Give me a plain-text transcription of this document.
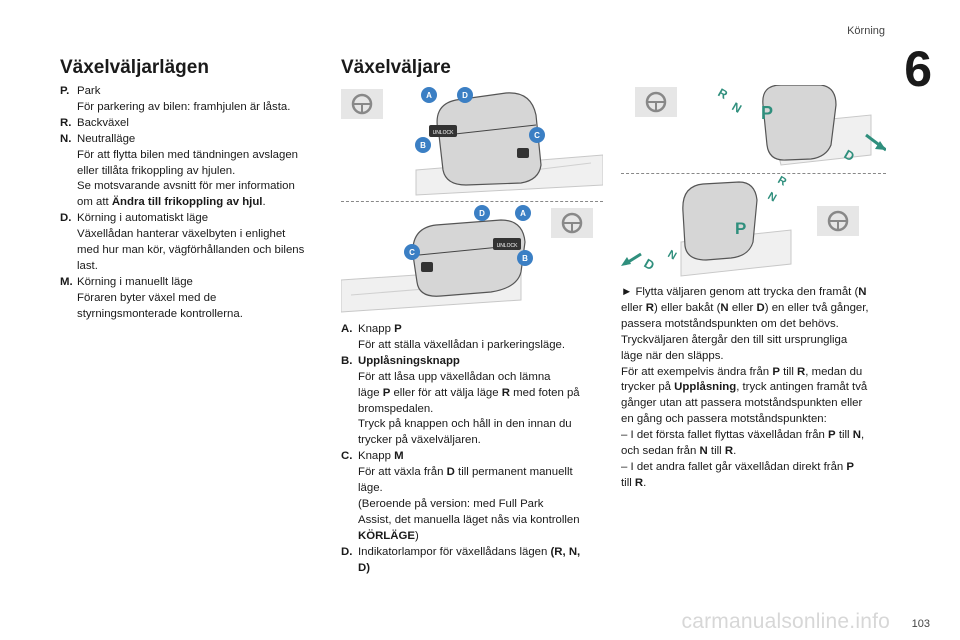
Körning
6
Växelväljarlägen
P. Park

För parkering av bilen: framhjulen är låsta.

R. Backväxel

N. Neutralläge

För att flytta bilen med tändningen avslagen

eller tillåta frikoppling av hjulen.

Se motsvarande avsnitt för mer information

om att Ändra till frikoppling av hjul.

D. Körning i automatiskt läge

Växellådan hanterar växelbyten i enlighet

med hur man kör, vägförhållanden och bilens

last.

M. Körning i manuellt läge

Föraren byter växel med de

styrningsmonterade kontrollerna.

Växelväljare
UNLOCK
A	D
C
B
UNLOCK
D	A
C
B
A. Knapp P

För att ställa växellådan i parkeringsläge.

B. Upplåsningsknapp

För att låsa upp växellådan och lämna

läge P eller för att välja läge R med foten på

bromspedalen.

Tryck på knappen och håll in den innan du

trycker på växelväljaren.

C. Knapp M

För att växla från D till permanent manuellt

läge.

(Beroende på version: med Full Park

Assist, det manuella läget nås via kontrollen

KÖRLÄGE)

D. Indikatorlampor för växellådans lägen (R, N,

D)

R
N P
D
R
N
P
N
D

► Flytta väljaren genom att trycka den framåt (N

eller R) eller bakåt (N eller D) en eller två gånger,

passera motståndspunkten om det behövs.

Tryckväljaren återgår den till sitt ursprungliga

läge när den släpps.

För att exempelvis ändra från P till R, medan du

trycker på Upplåsning, tryck antingen framåt två

gånger utan att passera motståndspunkten eller

en gång och passera motståndspunkten:

– I det första fallet flyttas växellådan från P till N,

och sedan från N till R.

– I det andra fallet går växellådan direkt från P

till R.

carmanualsonline.info 103
